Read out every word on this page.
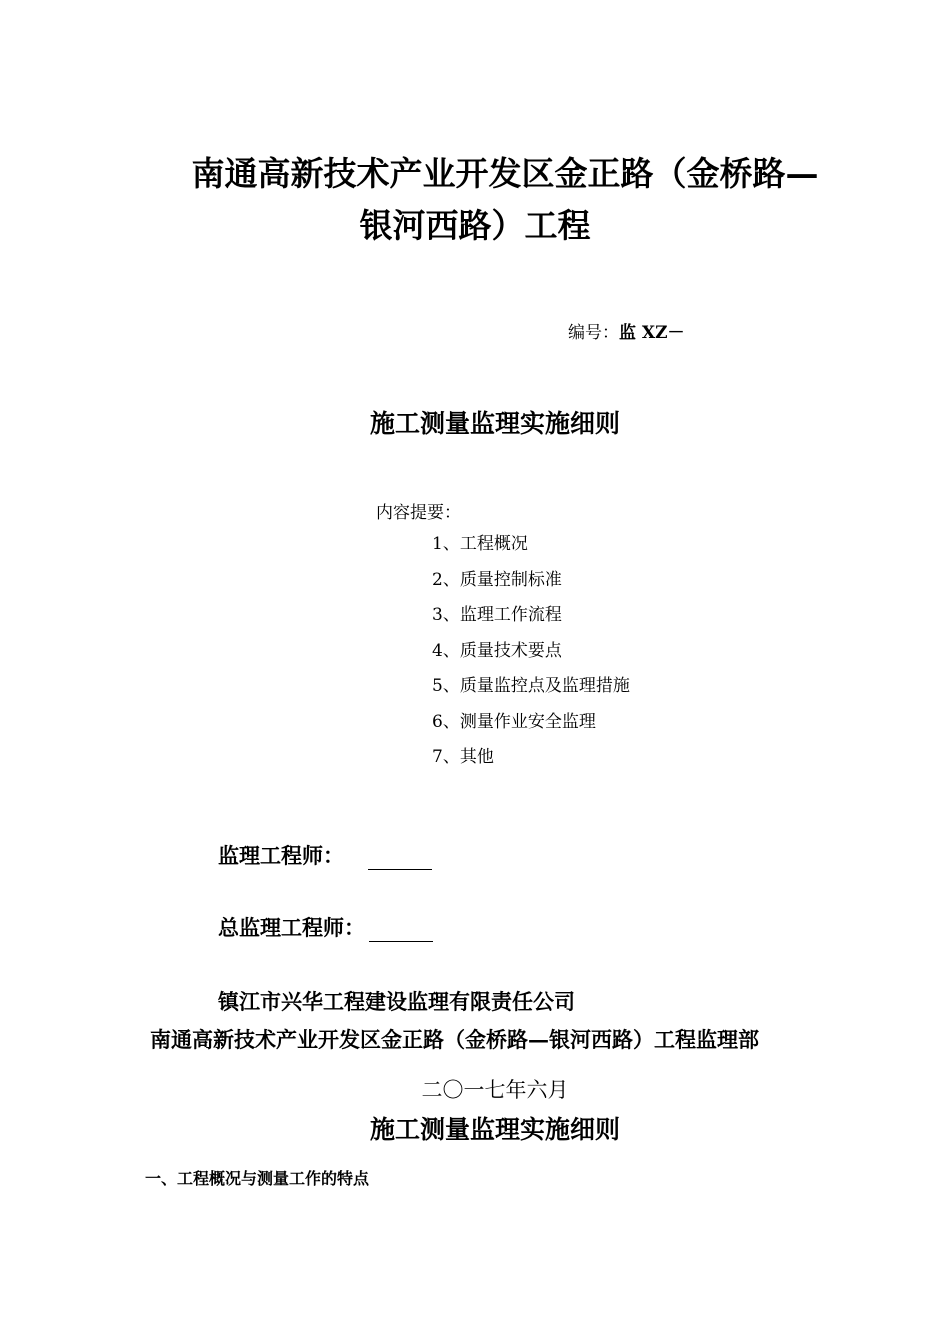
南通高新技术产业开发区金正路（金桥路—
银河西路）工程
编号：监 XZ－
施工测量监理实施细则
内容提要：
1、工程概况
2、质量控制标准
3、监理工作流程
4、质量技术要点
5、质量监控点及监理措施
6、测量作业安全监理
7、其他
监理工程师：
总监理工程师：
镇江市兴华工程建设监理有限责任公司
南通高新技术产业开发区金正路（金桥路—银河西路）工程监理部
二〇一七年六月
施工测量监理实施细则
一、工程概况与测量工作的特点
